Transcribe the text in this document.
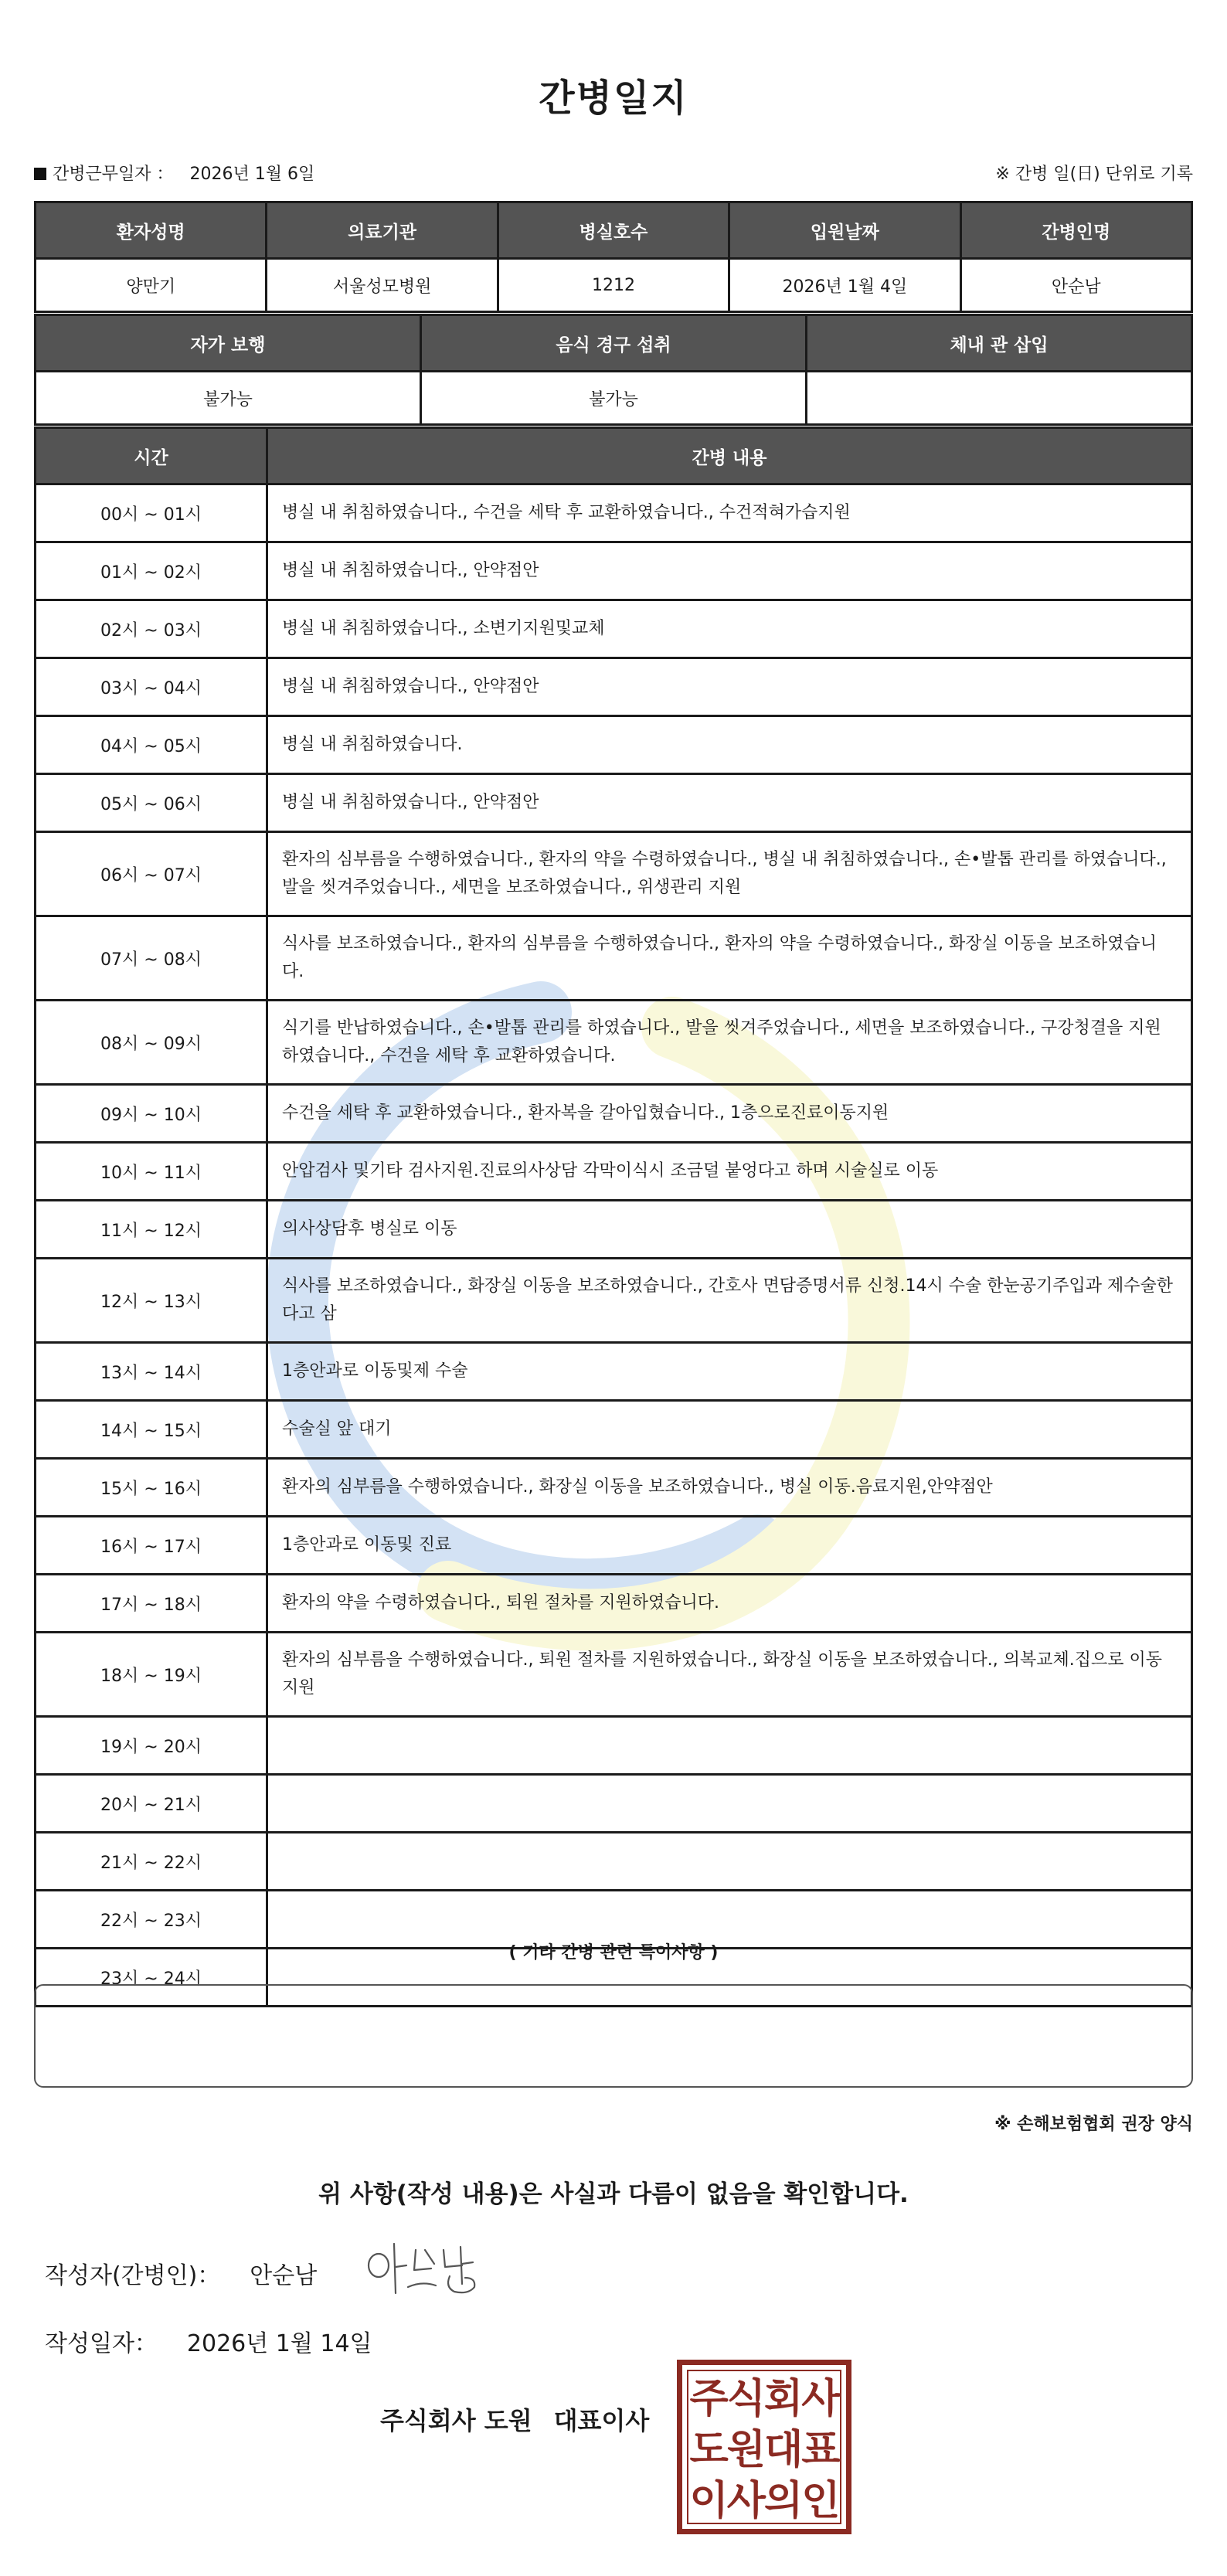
간병일지
간병근무일자 ： 2026년 1월 6일	※ 간병 일(日) 단위로 기록
환자성명	의료기관	병실호수	입원날짜	간병인명
양만기	서울성모병원	1212	2026년 1월 4일	안순남
자가 보행	음식 경구 섭취	체내 관 삽입
불가능	불가능	
시간	간병 내용
00시 ~ 01시	병실 내 취침하였습니다., 수건을 세탁 후 교환하였습니다., 수건적혀가습지원
01시 ~ 02시	병실 내 취침하였습니다., 안약점안
02시 ~ 03시	병실 내 취침하였습니다., 소변기지원및교체
03시 ~ 04시	병실 내 취침하였습니다., 안약점안
04시 ~ 05시	병실 내 취침하였습니다.
05시 ~ 06시	병실 내 취침하였습니다., 안약점안
06시 ~ 07시	환자의 심부름을 수행하였습니다., 환자의 약을 수령하였습니다., 병실 내 취침하였습니다., 손•발톱 관리를 하였습니다., 발을 씻겨주었습니다., 세면을 보조하였습니다., 위생관리 지원
07시 ~ 08시	식사를 보조하였습니다., 환자의 심부름을 수행하였습니다., 환자의 약을 수령하였습니다., 화장실 이동을 보조하였습니다.
08시 ~ 09시	식기를 반납하였습니다., 손•발톱 관리를 하였습니다., 발을 씻겨주었습니다., 세면을 보조하였습니다., 구강청결을 지원하였습니다., 수건을 세탁 후 교환하였습니다.
09시 ~ 10시	수건을 세탁 후 교환하였습니다., 환자복을 갈아입혔습니다., 1층으로진료이동지원
10시 ~ 11시	안압검사 및기타 검사지원.진료의사상담 각막이식시 조금덜 붙엉다고 하며 시술실로 이동
11시 ~ 12시	의사상담후 병실로 이동
12시 ~ 13시	식사를 보조하였습니다., 화장실 이동을 보조하였습니다., 간호사 면담증명서류 신청.14시 수술 한눈공기주입과 제수술한다고 삼
13시 ~ 14시	1층안과로 이동및제 수술
14시 ~ 15시	수술실 앞 대기
15시 ~ 16시	환자의 심부름을 수행하였습니다., 화장실 이동을 보조하였습니다., 병실 이동.음료지원,안약점안
16시 ~ 17시	1층안과로 이동및 진료
17시 ~ 18시	환자의 약을 수령하였습니다., 퇴원 절차를 지원하였습니다.
18시 ~ 19시	환자의 심부름을 수행하였습니다., 퇴원 절차를 지원하였습니다., 화장실 이동을 보조하였습니다., 의복교체.집으로 이동지원
19시 ~ 20시	
20시 ~ 21시	
21시 ~ 22시	
22시 ~ 23시	
23시 ~ 24시	
( 기타 간병 관련 특이사항 )
※ 손해보험협회 권장 양식
위 사항(작성 내용)은 사실과 다름이 없음을 확인합니다.
작성자(간병인)： 안순남
작성일자： 2026년 1월 14일
주식회사 도원 대표이사 주식회사
도원대표
이사의인
